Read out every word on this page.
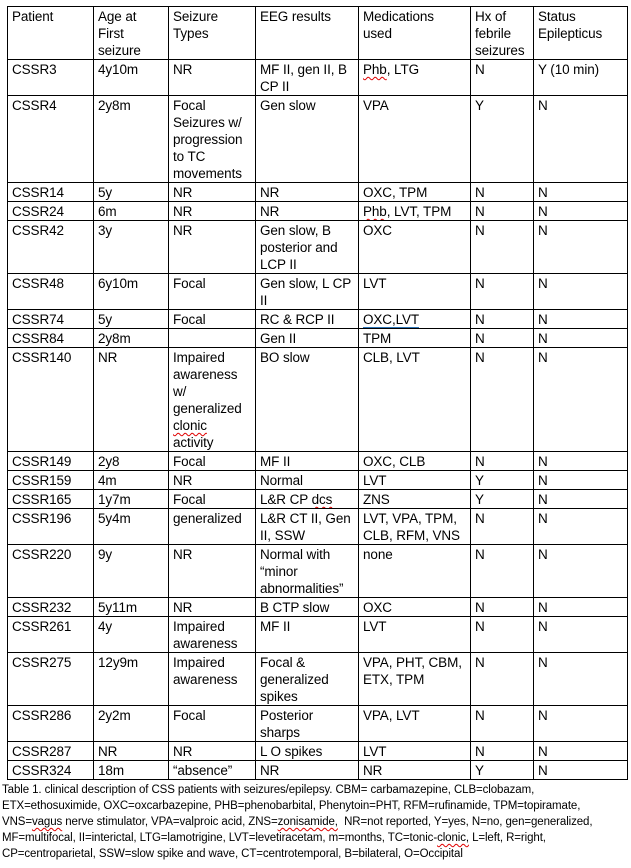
Patient	Age at First seizure	Seizure Types	EEG results	Medications used	Hx of febrile seizures	Status Epilepticus
CSSR3	4y10m	NR	MF II, gen II, B CP II	Phb, LTG	N	Y (10 min)
CSSR4	2y8m	Focal Seizures w/ progression to TC movements	Gen slow	VPA	Y	N
CSSR14	5y	NR	NR	OXC, TPM	N	N
CSSR24	6m	NR	NR	Phb, LVT, TPM	N	N
CSSR42	3y	NR	Gen slow, B posterior and LCP II	OXC	N	N
CSSR48	6y10m	Focal	Gen slow, L CP II	LVT	N	N
CSSR74	5y	Focal	RC & RCP II	OXC,LVT	N	N
CSSR84	2y8m		Gen II	TPM	N	N
CSSR140	NR	Impaired awareness w/ generalized clonic activity	BO slow	CLB, LVT	N	N
CSSR149	2y8	Focal	MF II	OXC, CLB	N	N
CSSR159	4m	NR	Normal	LVT	Y	N
CSSR165	1y7m	Focal	L&R CP dcs	ZNS	Y	N
CSSR196	5y4m	generalized	L&R CT II, Gen II, SSW	LVT, VPA, TPM, CLB, RFM, VNS	N	N
CSSR220	9y	NR	Normal with “minor abnormalities”	none	N	N
CSSR232	5y11m	NR	B CTP slow	OXC	N	N
CSSR261	4y	Impaired awareness	MF II	LVT	N	N
CSSR275	12y9m	Impaired awareness	Focal & generalized spikes	VPA, PHT, CBM, ETX, TPM	N	N
CSSR286	2y2m	Focal	Posterior sharps	VPA, LVT	N	N
CSSR287	NR	NR	L O spikes	LVT	N	N
CSSR324	18m	“absence”	NR	NR	Y	N

Table 1. clinical description of CSS patients with seizures/epilepsy. CBM= carbamazepine, CLB=clobazam, ETX=ethosuximide, OXC=oxcarbazepine, PHB=phenobarbital, Phenytoin=PHT, RFM=rufinamide, TPM=topiramate, VNS=vagus nerve stimulator, VPA=valproic acid, ZNS=zonisamide,  NR=not reported, Y=yes, N=no, gen=generalized, MF=multifocal, II=interictal, LTG=lamotrigine, LVT=levetiracetam, m=months, TC=tonic-clonic, L=left, R=right, CP=centroparietal, SSW=slow spike and wave, CT=centrotemporal, B=bilateral, O=Occipital
